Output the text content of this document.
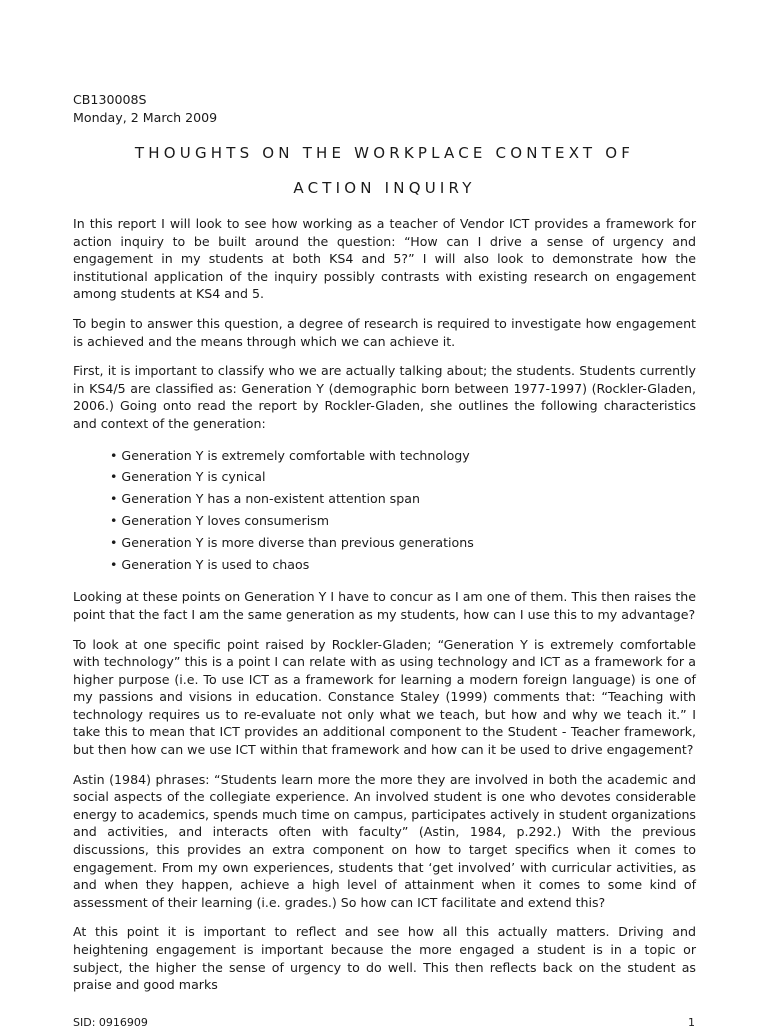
CB130008S
Monday, 2 March 2009
THOUGHTS ON THE WORKPLACE CONTEXT OF
ACTION INQUIRY

In this report I will look to see how working as a teacher of Vendor ICT provides a framework for action inquiry to be built around the question: “How can I drive a sense of urgency and engagement in my students at both KS4 and 5?” I will also look to demonstrate how the institutional application of the inquiry possibly contrasts with existing research on engagement among students at KS4 and 5.

To begin to answer this question, a degree of research is required to investigate how engagement is achieved and the means through which we can achieve it.

First, it is important to classify who we are actually talking about; the students. Students currently in KS4/5 are classified as: Generation Y (demographic born between 1977-1997) (Rockler-Gladen, 2006.) Going onto read the report by Rockler-Gladen, she outlines the following characteristics and context of the generation:

• Generation Y is extremely comfortable with technology
• Generation Y is cynical
• Generation Y has a non-existent attention span
• Generation Y loves consumerism
• Generation Y is more diverse than previous generations
• Generation Y is used to chaos

Looking at these points on Generation Y I have to concur as I am one of them. This then raises the point that the fact I am the same generation as my students, how can I use this to my advantage?

To look at one specific point raised by Rockler-Gladen; “Generation Y is extremely comfortable with technology” this is a point I can relate with as using technology and ICT as a framework for a higher purpose (i.e. To use ICT as a framework for learning a modern foreign language) is one of my passions and visions in education. Constance Staley (1999) comments that: “Teaching with technology requires us to re-evaluate not only what we teach, but how and why we teach it.” I take this to mean that ICT provides an additional component to the Student - Teacher framework, but then how can we use ICT within that framework and how can it be used to drive engagement?

Astin (1984) phrases: “Students learn more the more they are involved in both the academic and social aspects of the collegiate experience. An involved student is one who devotes considerable energy to academics, spends much time on campus, participates actively in student organizations and activities, and interacts often with faculty” (Astin, 1984, p.292.) With the previous discussions, this provides an extra component on how to target specifics when it comes to engagement. From my own experiences, students that ‘get involved’ with curricular activities, as and when they happen, achieve a high level of attainment when it comes to some kind of assessment of their learning (i.e. grades.) So how can ICT facilitate and extend this?

At this point it is important to reflect and see how all this actually matters. Driving and heightening engagement is important because the more engaged a student is in a topic or subject, the higher the sense of urgency to do well. This then reflects back on the student as praise and good marks

SID: 0916909	1
